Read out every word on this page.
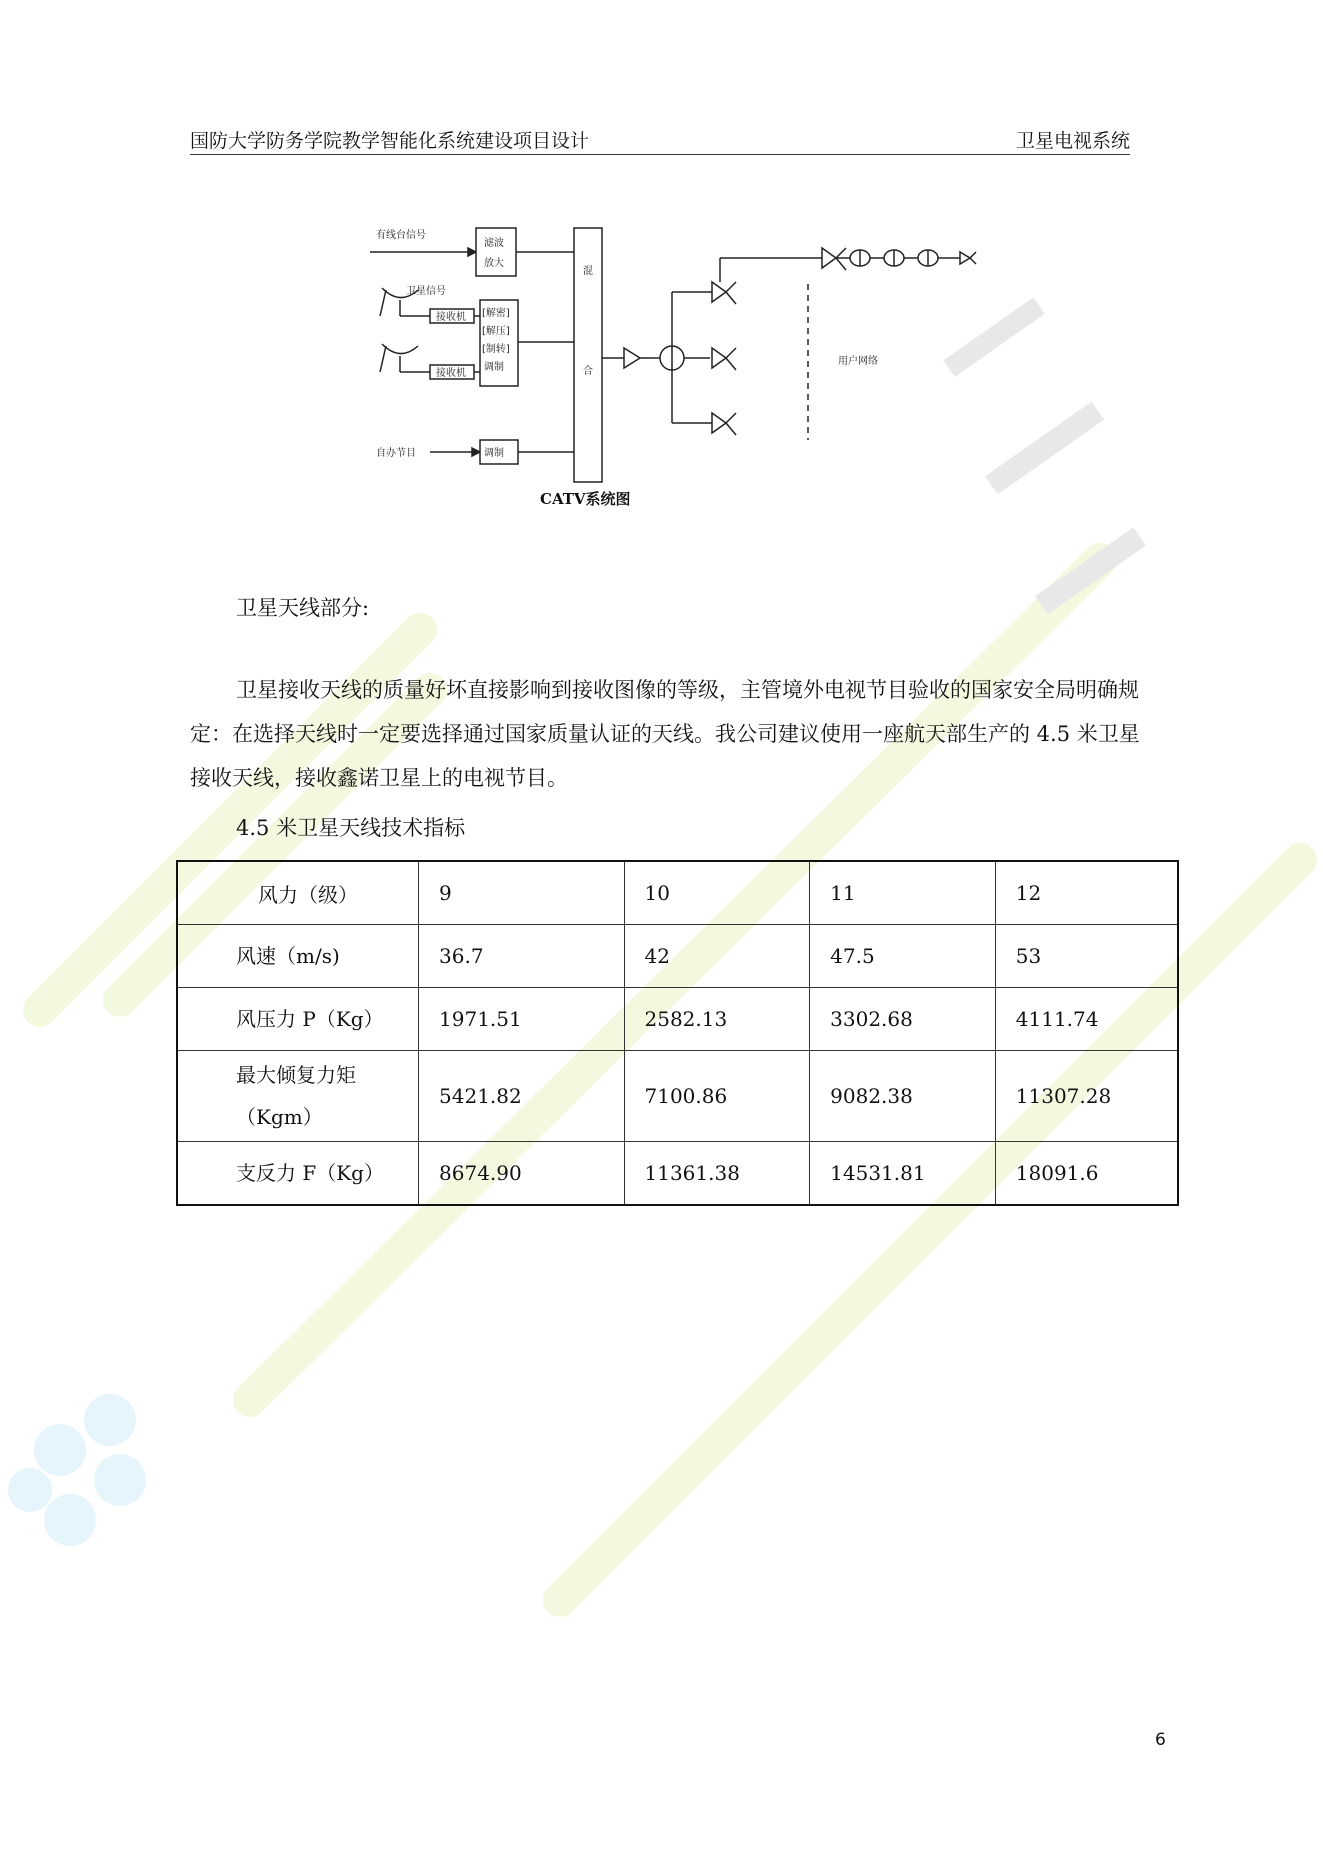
国防大学防务学院教学智能化系统建设项目设计	卫星电视系统
有线台信号
滤波
放大
卫星信号
接收机
接收机
[解密]
[解压]
[制转]
调制
自办节目	调制
混
合
用户网络
CATV系统图

卫星天线部分:

卫星接收天线的质量好坏直接影响到接收图像的等级，主管境外电视节目验收的国家安全局明确规定：在选择天线时一定要选择通过国家质量认证的天线。我公司建议使用一座航天部生产的 4.5 米卫星接收天线，接收鑫诺卫星上的电视节目。

4.5 米卫星天线技术指标

风力（级）	9	10	11	12
风速（m/s)	36.7	42	47.5	53
风压力 P（Kg）	1971.51	2582.13	3302.68	4111.74
最大倾复力矩（Kgm）	5421.82	7100.86	9082.38	11307.28
支反力 F（Kg）	8674.90	11361.38	14531.81	18091.6
6
